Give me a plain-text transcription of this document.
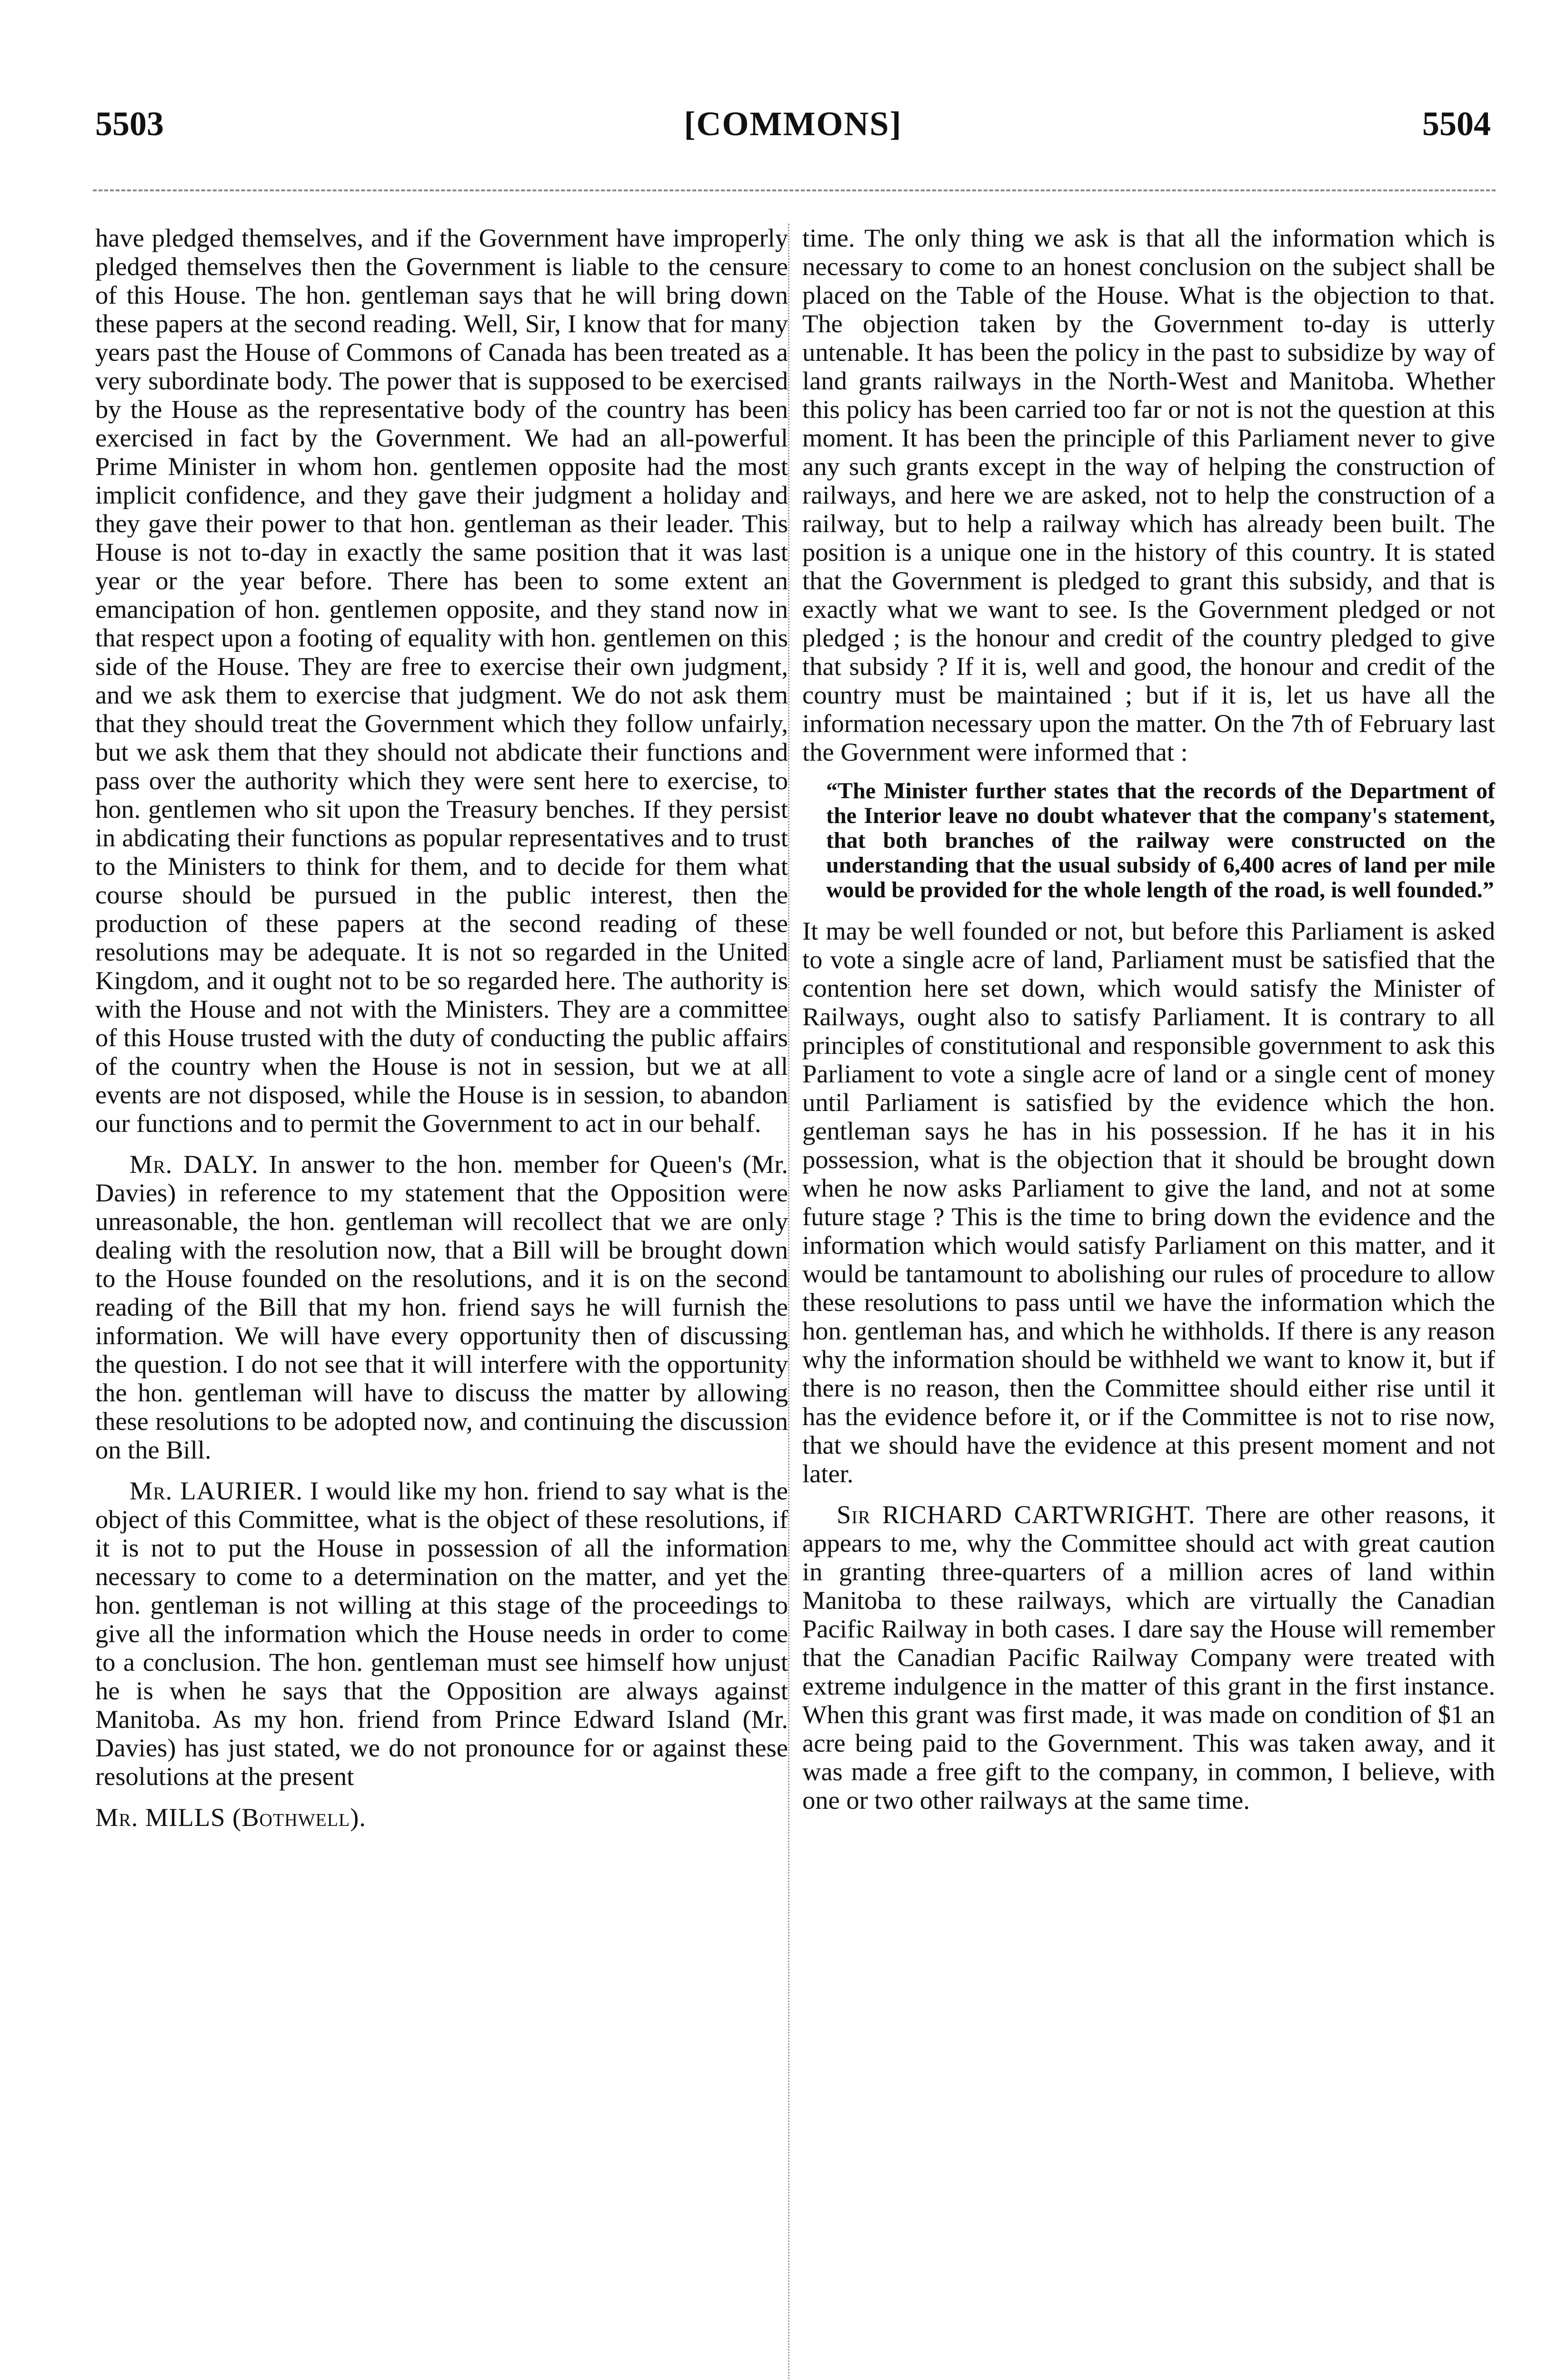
5503	[COMMONS]	5504

have pledged themselves, and if the Government have improperly pledged themselves then the Government is liable to the censure of this House. The hon. gentleman says that he will bring down these papers at the second reading. Well, Sir, I know that for many years past the House of Commons of Canada has been treated as a very subordinate body. The power that is supposed to be exercised by the House as the representative body of the country has been exercised in fact by the Government. We had an all-powerful Prime Minister in whom hon. gentlemen opposite had the most implicit confidence, and they gave their judgment a holiday and they gave their power to that hon. gentleman as their leader. This House is not to-day in exactly the same position that it was last year or the year before. There has been to some extent an emancipation of hon. gentlemen opposite, and they stand now in that respect upon a footing of equality with hon. gentlemen on this side of the House. They are free to exercise their own judgment, and we ask them to exercise that judgment. We do not ask them that they should treat the Government which they follow unfairly, but we ask them that they should not abdicate their functions and pass over the authority which they were sent here to exercise, to hon. gentlemen who sit upon the Treasury benches. If they persist in abdicating their functions as popular representatives and to trust to the Ministers to think for them, and to decide for them what course should be pursued in the public interest, then the production of these papers at the second reading of these resolutions may be adequate. It is not so regarded in the United Kingdom, and it ought not to be so regarded here. The authority is with the House and not with the Ministers. They are a committee of this House trusted with the duty of conducting the public affairs of the country when the House is not in session, but we at all events are not disposed, while the House is in session, to abandon our functions and to permit the Government to act in our behalf.

Mr. DALY. In answer to the hon. member for Queen's (Mr. Davies) in reference to my statement that the Opposition were unreasonable, the hon. gentleman will recollect that we are only dealing with the resolution now, that a Bill will be brought down to the House founded on the resolutions, and it is on the second reading of the Bill that my hon. friend says he will furnish the information. We will have every opportunity then of discussing the question. I do not see that it will interfere with the opportunity the hon. gentleman will have to discuss the matter by allowing these resolutions to be adopted now, and continuing the discussion on the Bill.

Mr. LAURIER. I would like my hon. friend to say what is the object of this Committee, what is the object of these resolutions, if it is not to put the House in possession of all the information necessary to come to a determination on the matter, and yet the hon. gentleman is not willing at this stage of the proceedings to give all the information which the House needs in order to come to a conclusion. The hon. gentleman must see himself how unjust he is when he says that the Opposition are always against Manitoba. As my hon. friend from Prince Edward Island (Mr. Davies) has just stated, we do not pronounce for or against these resolutions at the present

Mr. MILLS (Bothwell).

time. The only thing we ask is that all the information which is necessary to come to an honest conclusion on the subject shall be placed on the Table of the House. What is the objection to that. The objection taken by the Government to-day is utterly untenable. It has been the policy in the past to subsidize by way of land grants railways in the North-West and Manitoba. Whether this policy has been carried too far or not is not the question at this moment. It has been the principle of this Parliament never to give any such grants except in the way of helping the construction of railways, and here we are asked, not to help the construction of a railway, but to help a railway which has already been built. The position is a unique one in the history of this country. It is stated that the Government is pledged to grant this subsidy, and that is exactly what we want to see. Is the Government pledged or not pledged ; is the honour and credit of the country pledged to give that subsidy ? If it is, well and good, the honour and credit of the country must be maintained ; but if it is, let us have all the information necessary upon the matter. On the 7th of February last the Government were informed that :

“The Minister further states that the records of the Department of the Interior leave no doubt whatever that the company's statement, that both branches of the railway were constructed on the understanding that the usual subsidy of 6,400 acres of land per mile would be provided for the whole length of the road, is well founded.”

It may be well founded or not, but before this Parliament is asked to vote a single acre of land, Parliament must be satisfied that the contention here set down, which would satisfy the Minister of Railways, ought also to satisfy Parliament. It is contrary to all principles of constitutional and responsible government to ask this Parliament to vote a single acre of land or a single cent of money until Parliament is satisfied by the evidence which the hon. gentleman says he has in his possession. If he has it in his possession, what is the objection that it should be brought down when he now asks Parliament to give the land, and not at some future stage ? This is the time to bring down the evidence and the information which would satisfy Parliament on this matter, and it would be tantamount to abolishing our rules of procedure to allow these resolutions to pass until we have the information which the hon. gentleman has, and which he withholds. If there is any reason why the information should be withheld we want to know it, but if there is no reason, then the Committee should either rise until it has the evidence before it, or if the Committee is not to rise now, that we should have the evidence at this present moment and not later.

Sir RICHARD CARTWRIGHT. There are other reasons, it appears to me, why the Committee should act with great caution in granting three-quarters of a million acres of land within Manitoba to these railways, which are virtually the Canadian Pacific Railway in both cases. I dare say the House will remember that the Canadian Pacific Railway Company were treated with extreme indulgence in the matter of this grant in the first instance. When this grant was first made, it was made on condition of $1 an acre being paid to the Government. This was taken away, and it was made a free gift to the company, in common, I believe, with one or two other railways at the same time.
